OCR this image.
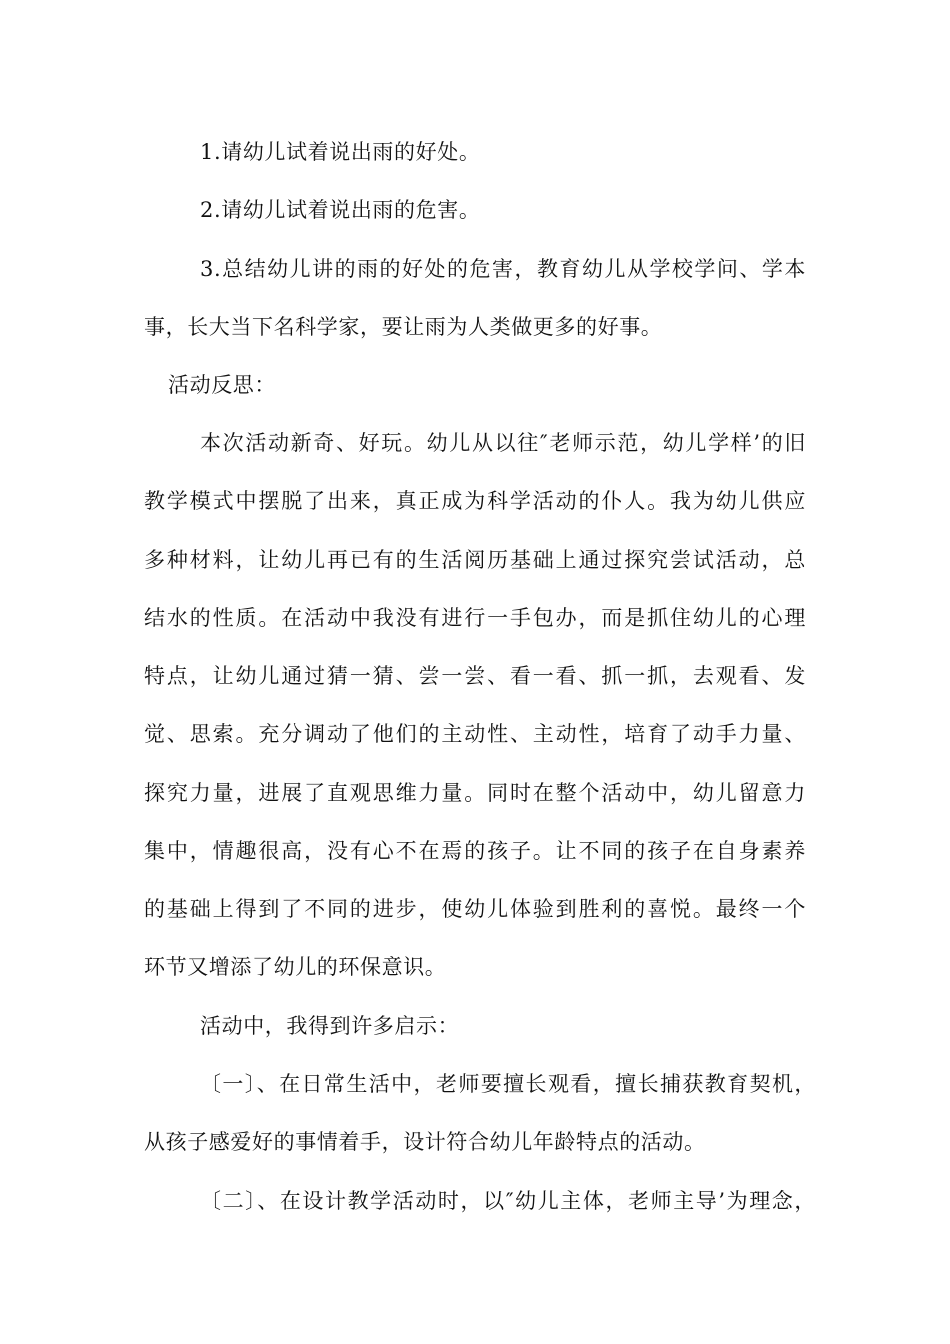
1.请幼儿试着说出雨的好处。
2.请幼儿试着说出雨的危害。
3.总结幼儿讲的雨的好处的危害，教育幼儿从学校学问、学本
事，长大当下名科学家，要让雨为人类做更多的好事。
活动反思：
本次活动新奇、好玩。幼儿从以往″老师示范，幼儿学样’的旧
教学模式中摆脱了出来，真正成为科学活动的仆人。我为幼儿供应
多种材料，让幼儿再已有的生活阅历基础上通过探究尝试活动，总
结水的性质。在活动中我没有进行一手包办，而是抓住幼儿的心理
特点，让幼儿通过猜一猜、尝一尝、看一看、抓一抓，去观看、发
觉、思索。充分调动了他们的主动性、主动性，培育了动手力量、
探究力量，进展了直观思维力量。同时在整个活动中，幼儿留意力
集中，情趣很高，没有心不在焉的孩子。让不同的孩子在自身素养
的基础上得到了不同的进步，使幼儿体验到胜利的喜悦。最终一个
环节又增添了幼儿的环保意识。
活动中，我得到许多启示：
〔一〕、在日常生活中，老师要擅长观看，擅长捕获教育契机，
从孩子感爱好的事情着手，设计符合幼儿年龄特点的活动。
〔二〕、在设计教学活动时，以″幼儿主体，老师主导’为理念，
